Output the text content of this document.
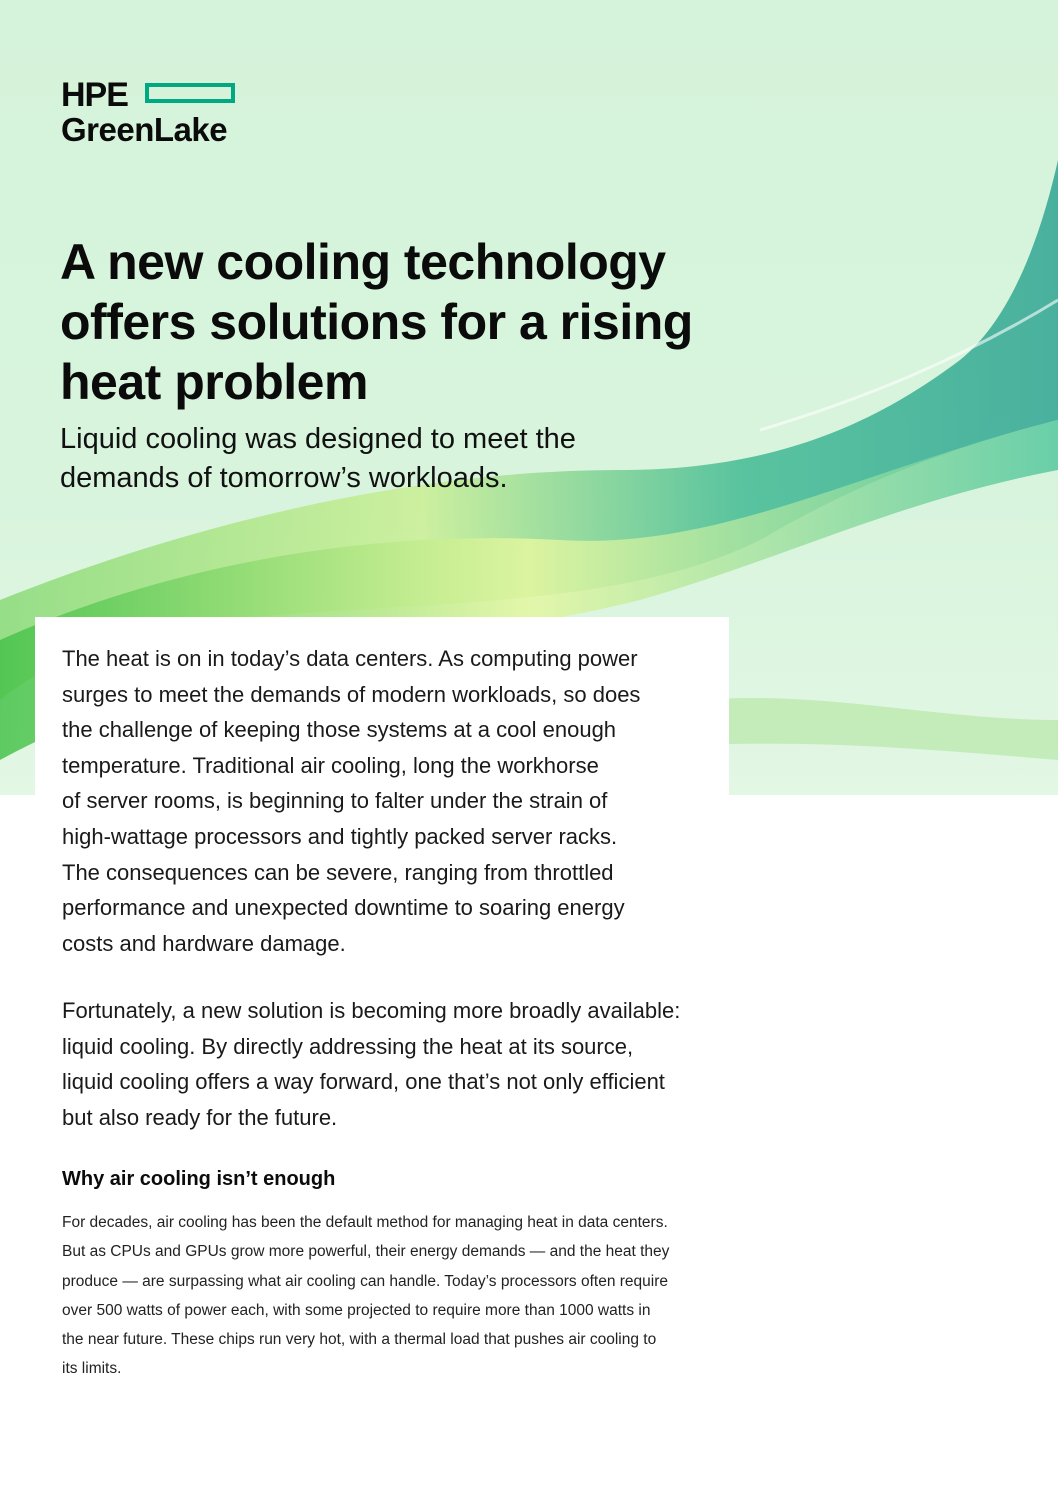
HPE
GreenLake
A new cooling technology
offers solutions for a rising
heat problem
Liquid cooling was designed to meet the
demands of tomorrow’s workloads.
The heat is on in today’s data centers. As computing power
surges to meet the demands of modern workloads, so does
the challenge of keeping those systems at a cool enough
temperature. Traditional air cooling, long the workhorse
of server rooms, is beginning to falter under the strain of
high-wattage processors and tightly packed server racks.
The consequences can be severe, ranging from throttled
performance and unexpected downtime to soaring energy
costs and hardware damage.
Fortunately, a new solution is becoming more broadly available:
liquid cooling. By directly addressing the heat at its source,
liquid cooling offers a way forward, one that’s not only efficient
but also ready for the future.
Why air cooling isn’t enough
For decades, air cooling has been the default method for managing heat in data centers.
But as CPUs and GPUs grow more powerful, their energy demands — and the heat they
produce — are surpassing what air cooling can handle. Today’s processors often require
over 500 watts of power each, with some projected to require more than 1000 watts in
the near future. These chips run very hot, with a thermal load that pushes air cooling to
its limits.
